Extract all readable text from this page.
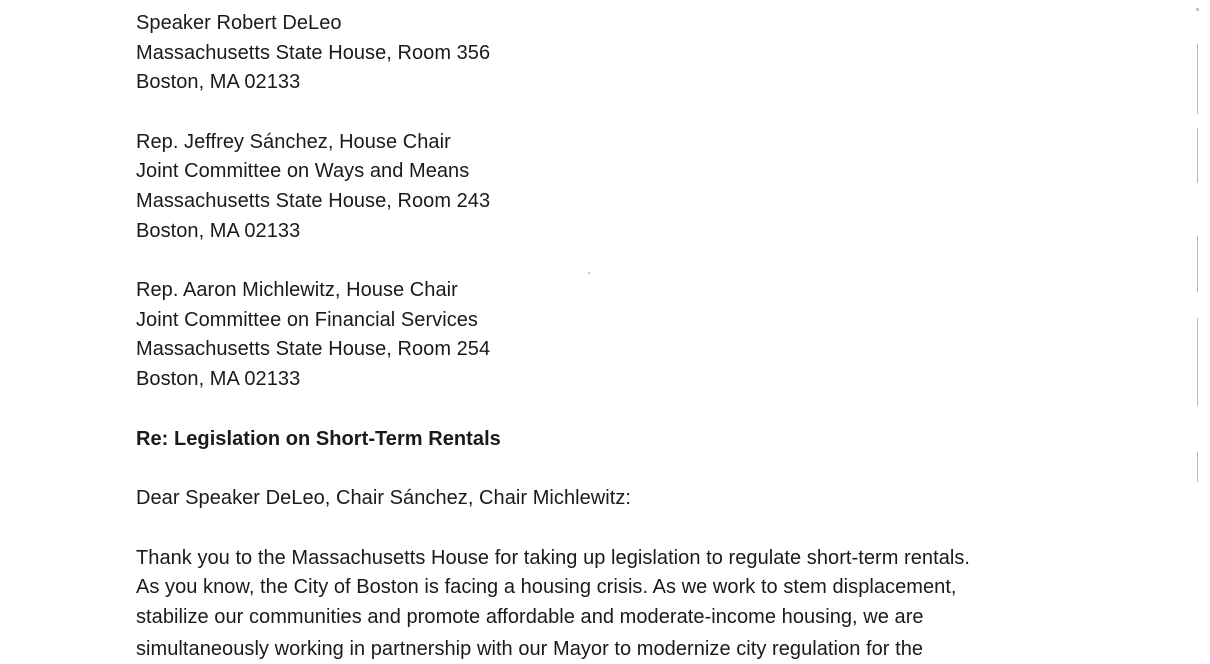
Speaker Robert DeLeo
Massachusetts State House, Room 356
Boston, MA 02133
Rep. Jeffrey Sánchez, House Chair
Joint Committee on Ways and Means
Massachusetts State House, Room 243
Boston, MA 02133
Rep. Aaron Michlewitz, House Chair
Joint Committee on Financial Services
Massachusetts State House, Room 254
Boston, MA 02133
Re: Legislation on Short-Term Rentals
Dear Speaker DeLeo, Chair Sánchez, Chair Michlewitz:
Thank you to the Massachusetts House for taking up legislation to regulate short-term rentals.
As you know, the City of Boston is facing a housing crisis. As we work to stem displacement,
stabilize our communities and promote affordable and moderate-income housing, we are
simultaneously working in partnership with our Mayor to modernize city regulation for the
